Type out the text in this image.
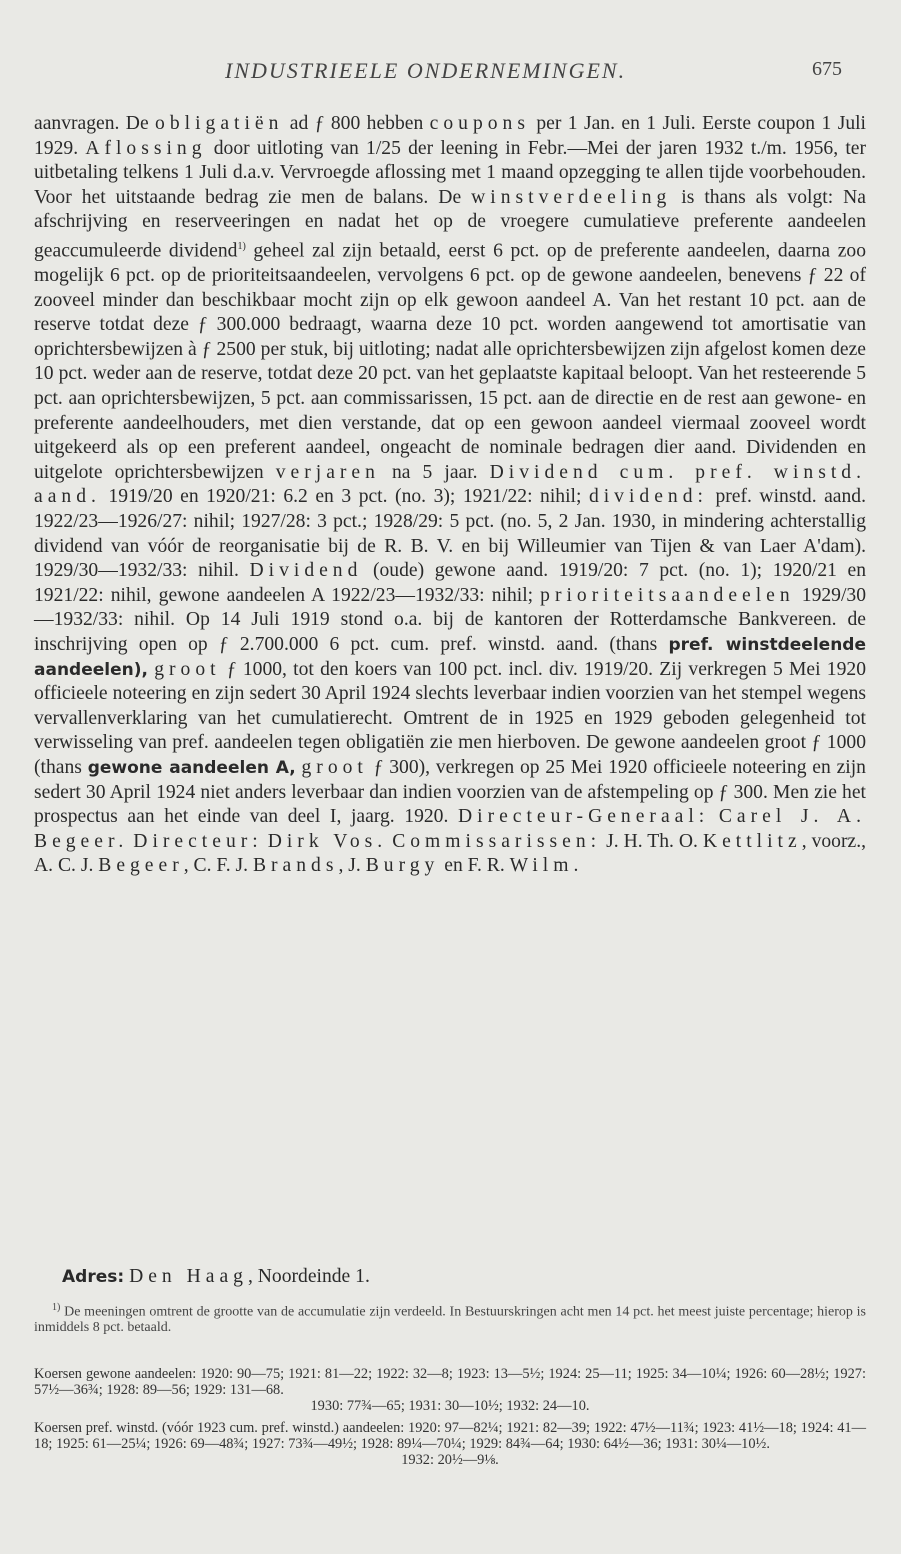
INDUSTRIEELE ONDERNEMINGEN.	675

aanvragen. De obligatiën ad ƒ 800 hebben coupons per 1 Jan. en 1 Juli. Eerste coupon 1 Juli 1929. Aflossing door uitloting van 1/25 der leening in Febr.—Mei der jaren 1932 t./m. 1956, ter uitbetaling telkens 1 Juli d.a.v. Vervroegde aflossing met 1 maand opzegging te allen tijde voorbehouden. Voor het uitstaande bedrag zie men de balans. De winstverdeeling is thans als volgt: Na afschrijving en reserveeringen en nadat het op de vroegere cumulatieve preferente aandeelen geaccumuleerde dividend$^{1)}$ geheel zal zijn betaald, eerst 6 pct. op de preferente aandeelen, daarna zoo mogelijk 6 pct. op de prioriteitsaandeelen, vervolgens 6 pct. op de gewone aandeelen, benevens ƒ 22 of zooveel minder dan beschikbaar mocht zijn op elk gewoon aandeel A. Van het restant 10 pct. aan de reserve totdat deze ƒ 300.000 bedraagt, waarna deze 10 pct. worden aangewend tot amortisatie van oprichtersbewijzen à ƒ 2500 per stuk, bij uitloting; nadat alle oprichtersbewijzen zijn afgelost komen deze 10 pct. weder aan de reserve, totdat deze 20 pct. van het geplaatste kapitaal beloopt. Van het resteerende 5 pct. aan oprichtersbewijzen, 5 pct. aan commissarissen, 15 pct. aan de directie en de rest aan gewone- en preferente aandeelhouders, met dien verstande, dat op een gewoon aandeel viermaal zooveel wordt uitgekeerd als op een preferent aandeel, ongeacht de nominale bedragen dier aand. Dividenden en uitgelote oprichtersbewijzen verjaren na 5 jaar. Dividend cum. pref. winstd. aand. 1919/20 en 1920/21: 6.2 en 3 pct. (no. 3); 1921/22: nihil; dividend: pref. winstd. aand. 1922/23—1926/27: nihil; 1927/28: 3 pct.; 1928/29: 5 pct. (no. 5, 2 Jan. 1930, in mindering achterstallig dividend van vóór de reorganisatie bij de R. B. V. en bij Willeumier van Tijen & van Laer A'dam). 1929/30—1932/33: nihil. Dividend (oude) gewone aand. 1919/20: 7 pct. (no. 1); 1920/21 en 1921/22: nihil, gewone aandeelen A 1922/23—1932/33: nihil; prioriteitsaandeelen 1929/30—1932/33: nihil. Op 14 Juli 1919 stond o.a. bij de kantoren der Rotterdamsche Bankvereen. de inschrijving open op ƒ 2.700.000 6 pct. cum. pref. winstd. aand. (thans pref. winstdeelende aandeelen), groot ƒ 1000, tot den koers van 100 pct. incl. div. 1919/20. Zij verkregen 5 Mei 1920 officieele noteering en zijn sedert 30 April 1924 slechts leverbaar indien voorzien van het stempel wegens vervallenverklaring van het cumulatierecht. Omtrent de in 1925 en 1929 geboden gelegenheid tot verwisseling van pref. aandeelen tegen obligatiën zie men hierboven. De gewone aandeelen groot ƒ 1000 (thans gewone aandeelen A, groot ƒ 300), verkregen op 25 Mei 1920 officieele noteering en zijn sedert 30 April 1924 niet anders leverbaar dan indien voorzien van de afstempeling op ƒ 300. Men zie het prospectus aan het einde van deel I, jaarg. 1920. Directeur-Generaal: Carel J. A. Begeer. Directeur: Dirk Vos. Commissarissen: J. H. Th. O. Kettlitz, voorz., A. C. J. Begeer, C. F. J. Brands, J. Burgy en F. R. Wilm.

Adres: Den Haag, Noordeinde 1.

$^{1)}$ De meeningen omtrent de grootte van de accumulatie zijn verdeeld. In Bestuurskringen acht men 14 pct. het meest juiste percentage; hierop is inmiddels 8 pct. betaald.

Koersen gewone aandeelen: 1920: 90—75; 1921: 81—22; 1922: 32—8; 1923: 13—5½; 1924: 25—11; 1925: 34—10¼; 1926: 60—28½; 1927: 57½—36¾; 1928: 89—56; 1929: 131—68.
1930: 77¾—65; 1931: 30—10½; 1932: 24—10.

Koersen pref. winstd. (vóór 1923 cum. pref. winstd.) aandeelen: 1920: 97—82¼; 1921: 82—39; 1922: 47½—11¾; 1923: 41½—18; 1924: 41—18; 1925: 61—25¼; 1926: 69—48¾; 1927: 73¾—49½; 1928: 89¼—70¼; 1929: 84¾—64; 1930: 64½—36; 1931: 30¼—10½.
1932: 20½—9⅛.
